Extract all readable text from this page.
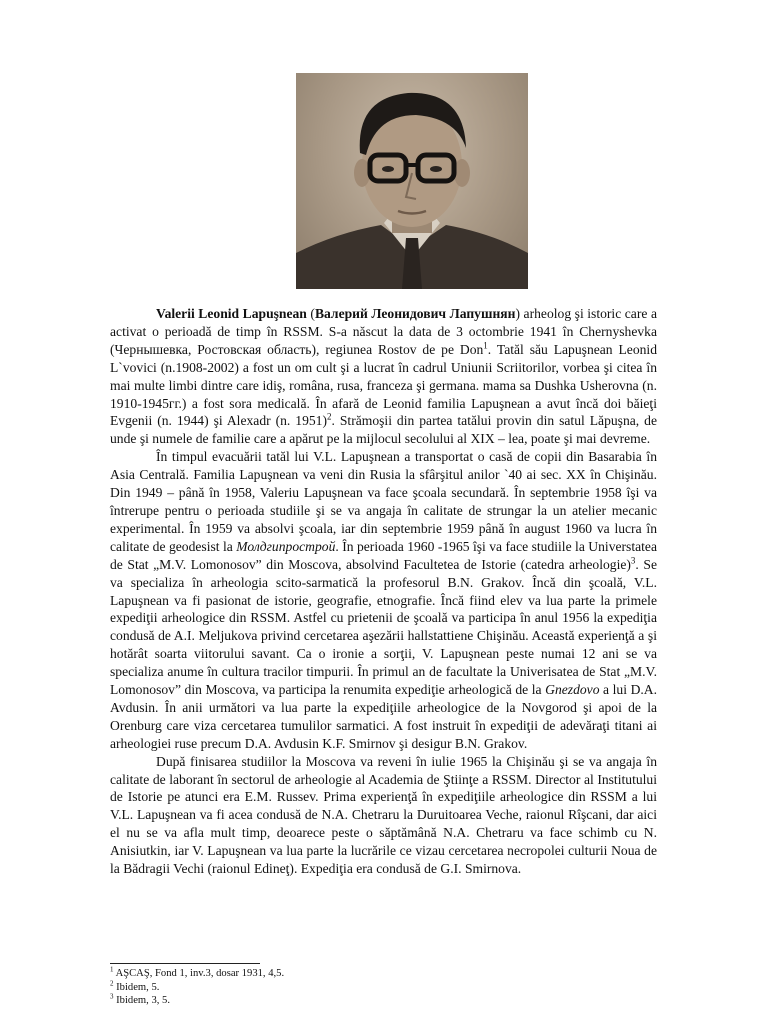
Valerii Leonid Lapuşnean (Валерий Леонидович Лапушнян) arheolog şi istoric care a activat o perioadă de timp în RSSM. S-a născut la data de 3 octombrie 1941 în Chernyshevka (Чернышевка, Ростовская область), regiunea Rostov de pe Don$^1$. Tatăl său Lapuşnean Leonid L`vovici (n.1908-2002) a fost un om cult şi a lucrat în cadrul Uniunii Scriitorilor, vorbea şi citea în mai multe limbi dintre care idiş, româna, rusa, franceza şi germana. mama sa Dushka Usherovna (n. 1910-1945гг.) a fost sora medicală. În afară de Leonid familia Lapuşnean a avut încă doi băieţi Evgenii (n. 1944) şi Alexadr (n. 1951)$^2$. Strămoşii din partea tatălui provin din satul Lăpuşna, de unde şi numele de familie care a apărut pe la mijlocul secolului al XIX – lea, poate şi mai devreme.

În timpul evacuării tatăl lui V.L. Lapuşnean a transportat o casă de copii din Basarabia în Asia Centrală. Familia Lapuşnean va veni din Rusia la sfârşitul anilor `40 ai sec. XX în Chişinău. Din 1949 – până în 1958, Valeriu Lapuşnean va face şcoala secundară. În septembrie 1958 îşi va întrerupe pentru o perioada studiile şi se va angaja în calitate de strungar la un atelier mecanic experimental. În 1959 va absolvi şcoala, iar din septembrie 1959 până în august 1960 va lucra în calitate de geodesist la Молдгипрострой. În perioada 1960 -1965 îşi va face studiile la Universtatea de Stat „M.V. Lomonosov” din Moscova, absolvind Facultetea de Istorie (catedra arheologie)$^3$. Se va specializa în arheologia scito-sarmatică la profesorul B.N. Grakov. Încă din şcoală, V.L. Lapuşnean va fi pasionat de istorie, geografie, etnografie. Încă fiind elev va lua parte la primele expediţii arheologice din RSSM. Astfel cu prietenii de şcoală va participa în anul 1956 la expediţia condusă de A.I. Meljukova privind cercetarea aşezării hallstattiene Chişinău. Această experienţă a şi hotărât soarta viitorului savant. Ca o ironie a sorţii, V. Lapuşnean peste numai 12 ani se va specializa anume în cultura tracilor timpurii. În primul an de facultate la Univerisatea de Stat „M.V. Lomonosov” din Moscova, va participa la renumita expediţie arheologică de la Gnezdovo a lui D.A. Avdusin. În anii următori va lua parte la expediţiile arheologice de la Novgorod şi apoi de la Orenburg care viza cercetarea tumulilor sarmatici. A fost instruit în expediţii de adevăraţi titani ai arheologiei ruse precum D.A. Avdusin K.F. Smirnov şi desigur B.N. Grakov.

După finisarea studiilor la Moscova va reveni în iulie 1965 la Chişinău şi se va angaja în calitate de laborant în sectorul de arheologie al Academia de Ştiinţe a RSSM. Director al Institutului de Istorie pe atunci era E.M. Russev. Prima experienţă în expediţiile arheologice din RSSM a lui V.L. Lapuşnean va fi acea condusă de N.A. Chetraru la Duruitoarea Veche, raionul Rîşcani, dar aici el nu se va afla mult timp, deoarece peste o săptămână N.A. Chetraru va face schimb cu N. Anisiutkin, iar V. Lapuşnean va lua parte la lucrările ce vizau cercetarea necropolei culturii Noua de la Bădragii Vechi (raionul Edineţ). Expediţia era condusă de G.I. Smirnova.

$^1$ AŞCAŞ, Fond 1, inv.3, dosar 1931, 4,5.
$^2$ Ibidem, 5.
$^3$ Ibidem, 3, 5.
